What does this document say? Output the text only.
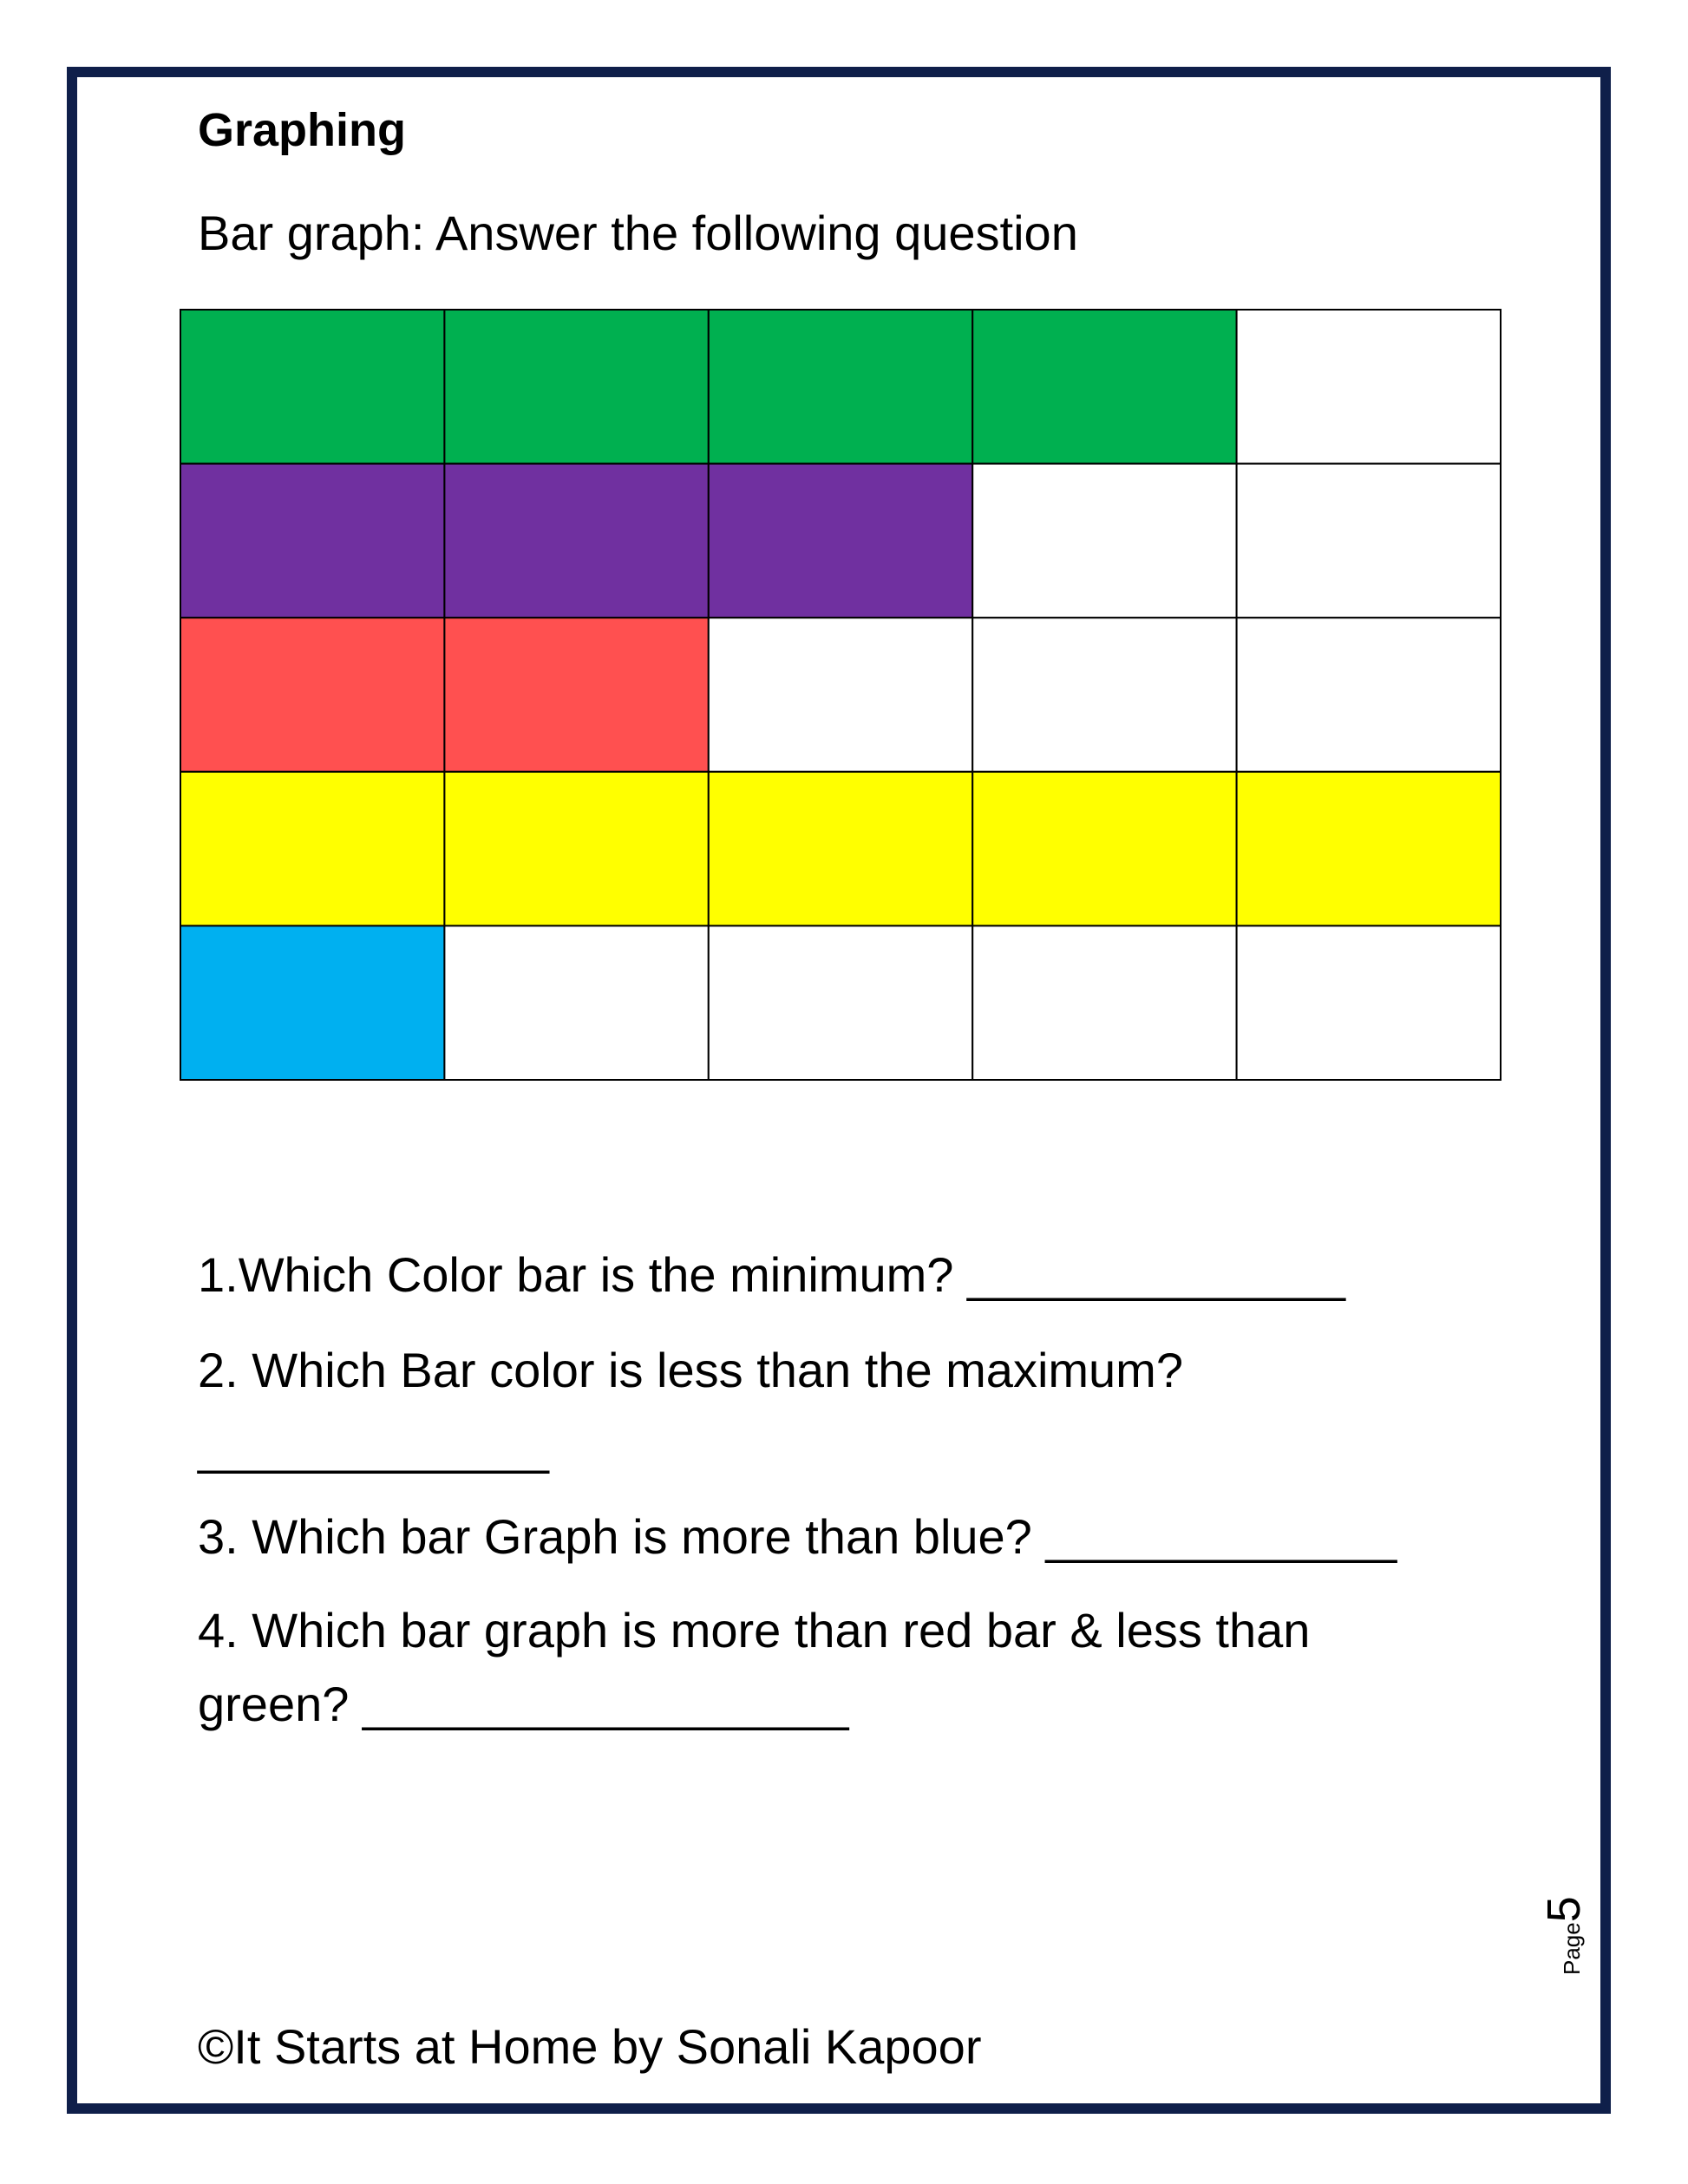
Graphing
Bar graph: Answer the following question
1.Which Color bar is the minimum? ______________
2. Which Bar color is less than the maximum?
_____________
3. Which bar Graph is more than blue? _____________
4. Which bar graph is more than red bar & less than
green? __________________
Page5
©It Starts at Home by Sonali Kapoor
